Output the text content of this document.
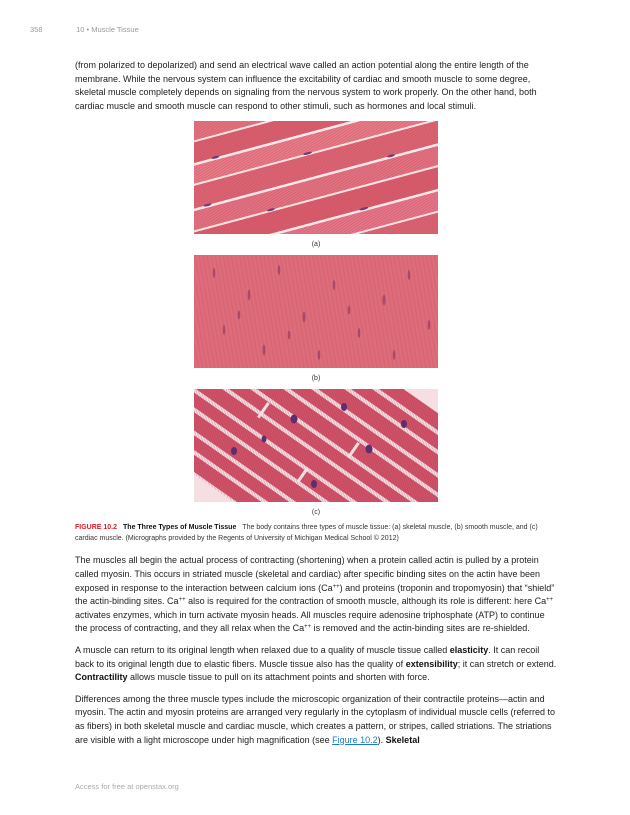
358	10 • Muscle Tissue

(from polarized to depolarized) and send an electrical wave called an action potential along the entire length of the membrane. While the nervous system can influence the excitability of cardiac and smooth muscle to some degree, skeletal muscle completely depends on signaling from the nervous system to work properly. On the other hand, both cardiac muscle and smooth muscle can respond to other stimuli, such as hormones and local stimuli.

(a)
(b)
(c)
FIGURE 10.2 The Three Types of Muscle Tissue The body contains three types of muscle tissue: (a) skeletal muscle, (b) smooth muscle, and (c) cardiac muscle. (Micrographs provided by the Regents of University of Michigan Medical School © 2012)

The muscles all begin the actual process of contracting (shortening) when a protein called actin is pulled by a protein called myosin. This occurs in striated muscle (skeletal and cardiac) after specific binding sites on the actin have been exposed in response to the interaction between calcium ions (Ca++) and proteins (troponin and tropomyosin) that “shield” the actin-binding sites. Ca++ also is required for the contraction of smooth muscle, although its role is different: here Ca++ activates enzymes, which in turn activate myosin heads. All muscles require adenosine triphosphate (ATP) to continue the process of contracting, and they all relax when the Ca++ is removed and the actin-binding sites are re-shielded.

A muscle can return to its original length when relaxed due to a quality of muscle tissue called elasticity. It can recoil back to its original length due to elastic fibers. Muscle tissue also has the quality of extensibility; it can stretch or extend. Contractility allows muscle tissue to pull on its attachment points and shorten with force.

Differences among the three muscle types include the microscopic organization of their contractile proteins—actin and myosin. The actin and myosin proteins are arranged very regularly in the cytoplasm of individual muscle cells (referred to as fibers) in both skeletal muscle and cardiac muscle, which creates a pattern, or stripes, called striations. The striations are visible with a light microscope under high magnification (see Figure 10.2). Skeletal

Access for free at openstax.org
